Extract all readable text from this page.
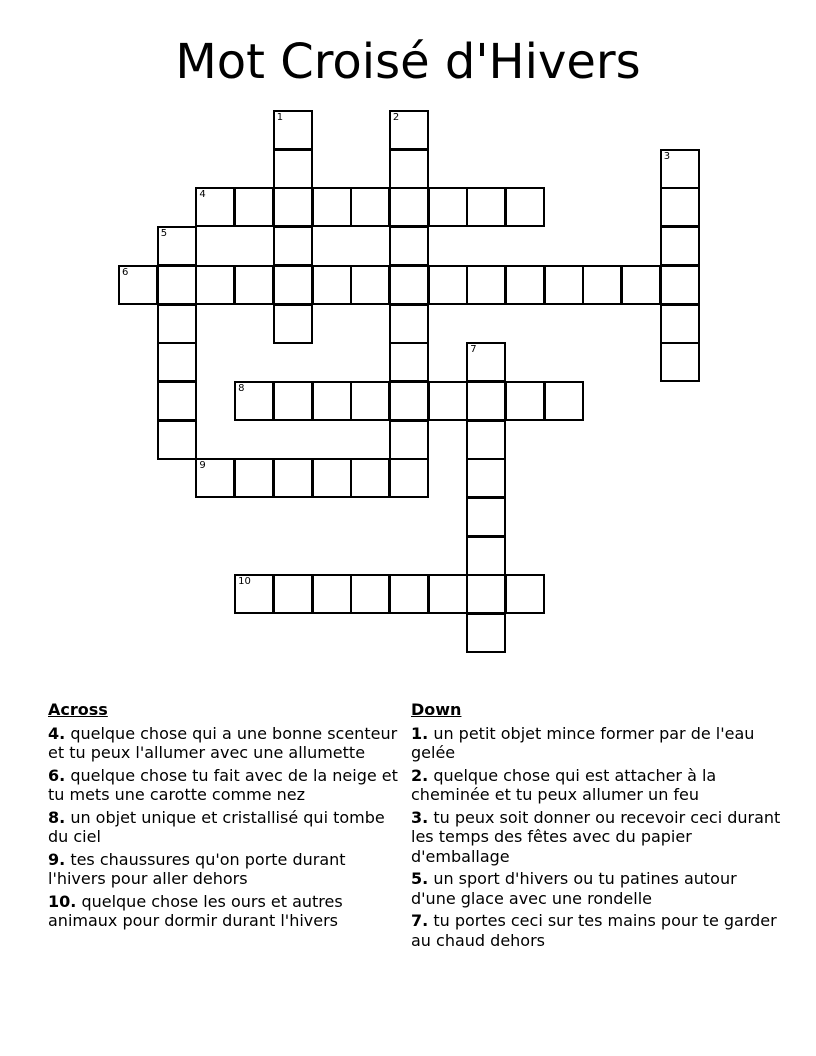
Mot Croisé d'Hivers
1	2
3
4
5
6
7
8
9
10
Across
4. quelque chose qui a une bonne scenteur et tu peux l'allumer avec une allumette
6. quelque chose tu fait avec de la neige et tu mets une carotte comme nez
8. un objet unique et cristallisé qui tombe du ciel
9. tes chaussures qu'on porte durant l'hivers pour aller dehors
10. quelque chose les ours et autres animaux pour dormir durant l'hivers
Down
1. un petit objet mince former par de l'eau gelée
2. quelque chose qui est attacher à la cheminée et tu peux allumer un feu
3. tu peux soit donner ou recevoir ceci durant les temps des fêtes avec du papier d'emballage
5. un sport d'hivers ou tu patines autour d'une glace avec une rondelle
7. tu portes ceci sur tes mains pour te garder au chaud dehors
